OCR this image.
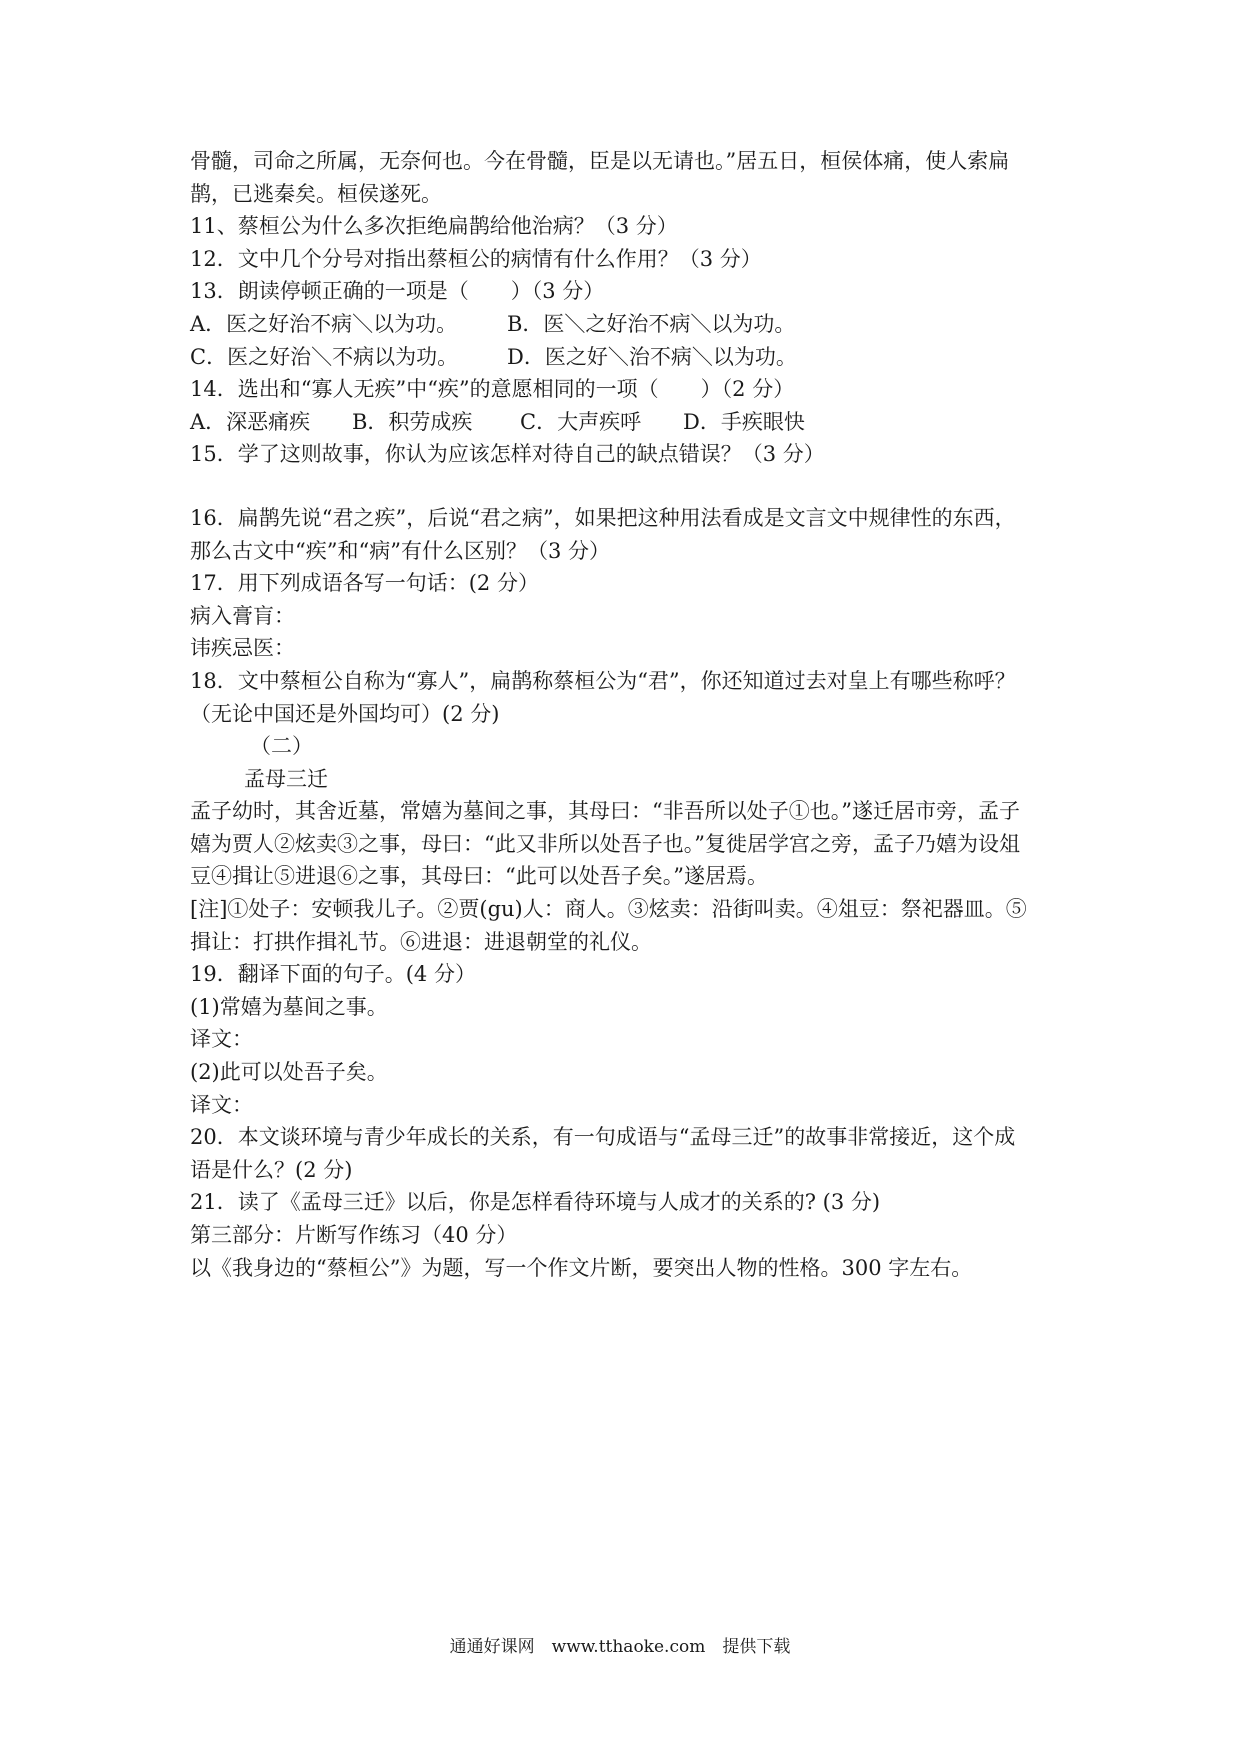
骨髓，司命之所属，无奈何也。今在骨髓，臣是以无请也。”居五日，桓侯体痛，使人索扁
鹊，已逃秦矣。桓侯遂死。
11、蔡桓公为什么多次拒绝扁鹊给他治病？（3 分）
12．文中几个分号对指出蔡桓公的病情有什么作用？（3 分）
13．朗读停顿正确的一项是（　　）（3 分）
A．医之好治不病＼以为功。	B．医＼之好治不病＼以为功。
C．医之好治＼不病以为功。	D．医之好＼治不病＼以为功。
14．选出和“寡人无疾”中“疾”的意愿相同的一项（　　）（2 分）
A．深恶痛疾 B．积劳成疾 C．大声疾呼 D．手疾眼快
15．学了这则故事，你认为应该怎样对待自己的缺点错误？（3 分）
16．扁鹊先说“君之疾”，后说“君之病”，如果把这种用法看成是文言文中规律性的东西，
那么古文中“疾”和“病”有什么区别？（3 分）
17．用下列成语各写一句话：(2 分）
病入膏肓：
讳疾忌医：
18．文中蔡桓公自称为“寡人”，扁鹊称蔡桓公为“君”，你还知道过去对皇上有哪些称呼？
（无论中国还是外国均可）(2 分)
（二）
孟母三迁
孟子幼时，其舍近墓，常嬉为墓间之事，其母曰：“非吾所以处子①也。”遂迁居市旁，孟子
嬉为贾人②炫卖③之事，母曰：“此又非所以处吾子也。”复徙居学宫之旁，孟子乃嬉为设俎
豆④揖让⑤进退⑥之事，其母曰：“此可以处吾子矣。”遂居焉。
[注]①处子：安顿我儿子。②贾(gu)人：商人。③炫卖：沿街叫卖。④俎豆：祭祀器皿。⑤
揖让：打拱作揖礼节。⑥进退：进退朝堂的礼仪。
19．翻译下面的句子。(4 分）
(1)常嬉为墓间之事。
译文：
(2)此可以处吾子矣。
译文：
20．本文谈环境与青少年成长的关系，有一句成语与“孟母三迁”的故事非常接近，这个成
语是什么？(2 分)
21．读了《孟母三迁》以后，你是怎样看待环境与人成才的关系的? (3 分)
第三部分：片断写作练习（40 分）
以《我身边的“蔡桓公”》为题，写一个作文片断，要突出人物的性格。300 字左右。
通通好课网　www.tthaoke.com　提供下载
